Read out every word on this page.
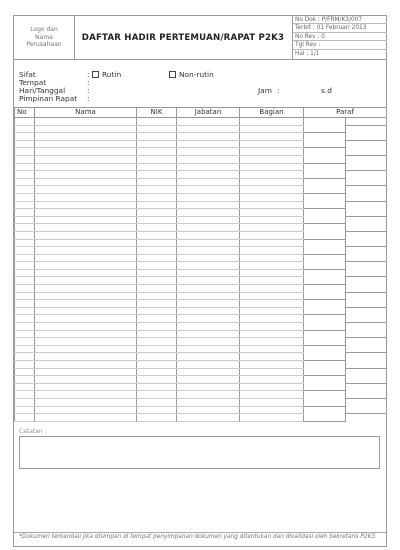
Logo dan
Nama
Perusahaan
DAFTAR HADIR PERTEMUAN/RAPAT P2K3
No Dok : P/FRM/K3/007
Terbit : 01 Februari 2013
No Rev : 0
Tgl Rev :
Hal : 1/1
Sifat	:	Rutin	Non-rutin
Tempat	:
Hari/Tanggal	:	Jam :	s.d
Pimpinan Rapat :
No	Nama	NIK	Jabatan	Bagian	Paraf	

Catatan :

*Dokumen terkendali jika disimpan di tempat penyimpanan dokumen yang ditentukan dan divalidasi oleh Sekretaris P2K3.
